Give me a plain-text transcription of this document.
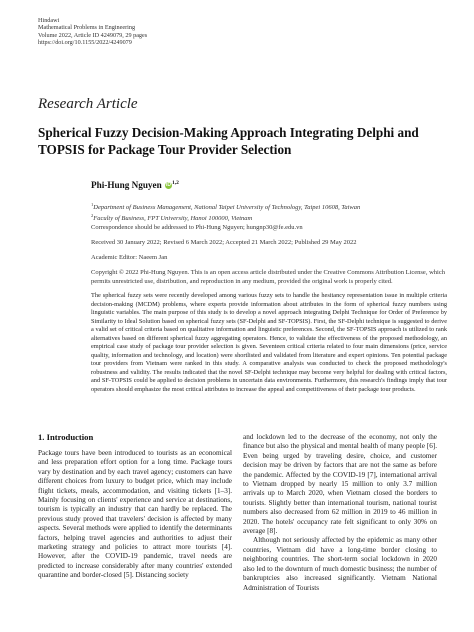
Hindawi
Mathematical Problems in Engineering
Volume 2022, Article ID 4249079, 29 pages
https://doi.org/10.1155/2022/4249079
Research Article
Spherical Fuzzy Decision-Making Approach Integrating Delphi and TOPSIS for Package Tour Provider Selection
Phi-Hung Nguyen iD$^{1,2}$
$^1$Department of Business Management, National Taipei University of Technology, Taipei 10608, Taiwan
$^2$Faculty of Business, FPT University, Hanoi 100000, Vietnam
Correspondence should be addressed to Phi-Hung Nguyen; hungnp30@fe.edu.vn
Received 30 January 2022; Revised 6 March 2022; Accepted 21 March 2022; Published 29 May 2022
Academic Editor: Naeem Jan
Copyright © 2022 Phi-Hung Nguyen. This is an open access article distributed under the Creative Commons Attribution License, which permits unrestricted use, distribution, and reproduction in any medium, provided the original work is properly cited.
The spherical fuzzy sets were recently developed among various fuzzy sets to handle the hesitancy representation issue in multiple criteria decision-making (MCDM) problems, where experts provide information about attributes in the form of spherical fuzzy numbers using linguistic variables. The main purpose of this study is to develop a novel approach integrating Delphi Technique for Order of Preference by Similarity to Ideal Solution based on spherical fuzzy sets (SF-Delphi and SF-TOPSIS). First, the SF-Delphi technique is suggested to derive a valid set of critical criteria based on qualitative information and linguistic preferences. Second, the SF-TOPSIS approach is utilized to rank alternatives based on different spherical fuzzy aggregating operators. Hence, to validate the effectiveness of the proposed methodology, an empirical case study of package tour provider selection is given. Seventeen critical criteria related to four main dimensions (price, service quality, information and technology, and location) were shortlisted and validated from literature and expert opinions. Ten potential package tour providers from Vietnam were ranked in this study. A comparative analysis was conducted to check the proposed methodology's robustness and validity. The results indicated that the novel SF-Delphi technique may become very helpful for dealing with critical factors, and SF-TOPSIS could be applied to decision problems in uncertain data environments. Furthermore, this research's findings imply that tour operators should emphasize the most critical attributes to increase the appeal and competitiveness of their package tour products.
1. Introduction

Package tours have been introduced to tourists as an economical and less preparation effort option for a long time. Package tours vary by destination and by each travel agency; customers can have different choices from luxury to budget price, which may include flight tickets, meals, accommodation, and visiting tickets [1–3]. Mainly focusing on clients' experience and service at destinations, tourism is typically an industry that can hardly be replaced. The previous study proved that travelers' decision is affected by many aspects. Several methods were applied to identify the determinants factors, helping travel agencies and authorities to adjust their marketing strategy and policies to attract more tourists [4]. However, after the COVID-19 pandemic, travel needs are predicted to increase considerably after many countries' extended quarantine and border-closed [5]. Distancing society

and lockdown led to the decrease of the economy, not only the finance but also the physical and mental health of many people [6]. Even being urged by traveling desire, choice, and customer decision may be driven by factors that are not the same as before the pandemic. Affected by the COVID-19 [7], international arrival to Vietnam dropped by nearly 15 million to only 3.7 million arrivals up to March 2020, when Vietnam closed the borders to tourists. Slightly better than international tourism, national tourist numbers also decreased from 62 million in 2019 to 46 million in 2020. The hotels' occupancy rate felt significant to only 30% on average [8].

Although not seriously affected by the epidemic as many other countries, Vietnam did have a long-time border closing to neighboring countries. The short-term social lockdown in 2020 also led to the downturn of much domestic business; the number of bankruptcies also increased significantly. Vietnam National Administration of Tourists
